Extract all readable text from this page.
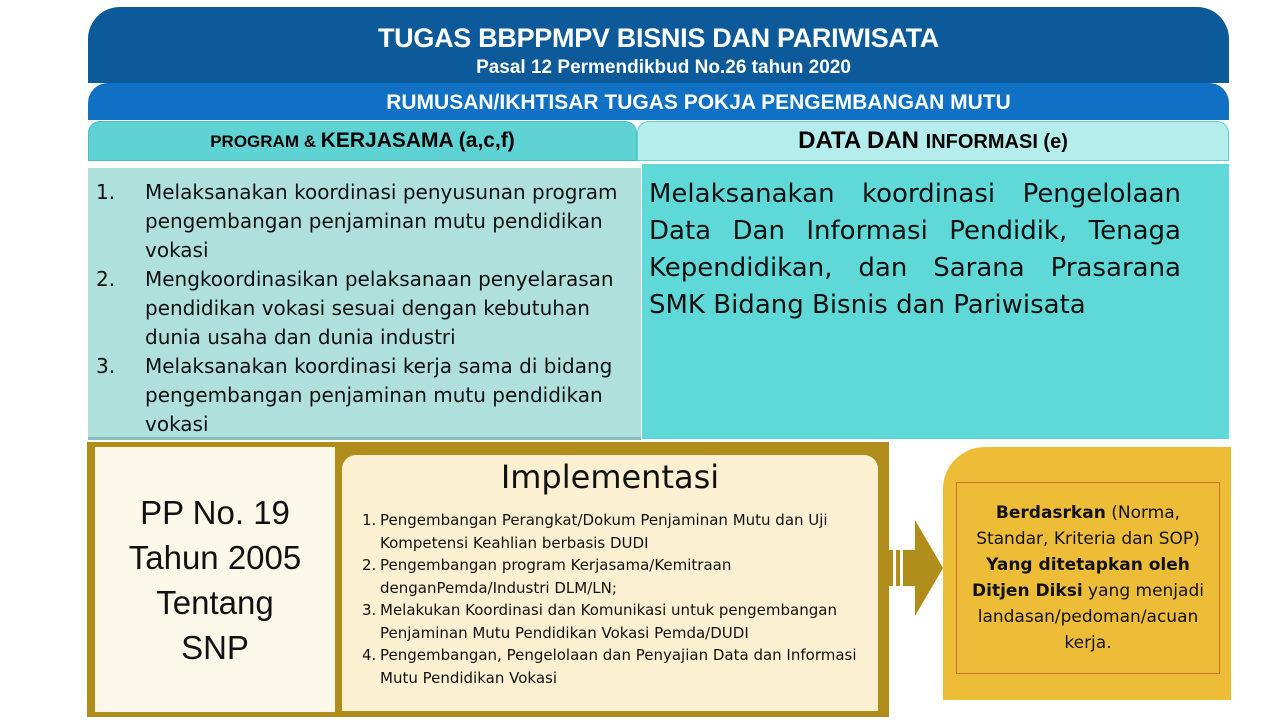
TUGAS BBPPMPV BISNIS DAN PARIWISATA
Pasal 12 Permendikbud No.26 tahun 2020
RUMUSAN/IKHTISAR TUGAS POKJA PENGEMBANGAN MUTU
PROGRAM & KERJASAMA (a,c,f)	DATA DAN INFORMASI (e)
1.	Melaksanakan koordinasi penyusunan program pengembangan penjaminan mutu pendidikan vokasi
2.	Mengkoordinasikan pelaksanaan penyelarasan pendidikan vokasi sesuai dengan kebutuhan dunia usaha dan dunia industri
3.	Melaksanakan koordinasi kerja sama di bidang pengembangan penjaminan mutu pendidikan vokasi
Melaksanakan koordinasi Pengelolaan Data Dan Informasi Pendidik, Tenaga Kependidikan, dan Sarana Prasarana SMK Bidang Bisnis dan Pariwisata
PP No. 19
Tahun 2005
Tentang
SNP
Implementasi
1. Pengembangan Perangkat/Dokum Penjaminan Mutu dan Uji Kompetensi Keahlian berbasis DUDI
2. Pengembangan program Kerjasama/Kemitraan denganPemda/Industri DLM/LN;
3. Melakukan Koordinasi dan Komunikasi untuk pengembangan Penjaminan Mutu Pendidikan Vokasi Pemda/DUDI
4. Pengembangan, Pengelolaan dan Penyajian Data dan Informasi Mutu Pendidikan Vokasi

Berdasrkan (Norma, Standar, Kriteria dan SOP) Yang ditetapkan oleh Ditjen Diksi yang menjadi landasan/pedoman/acuan kerja.
